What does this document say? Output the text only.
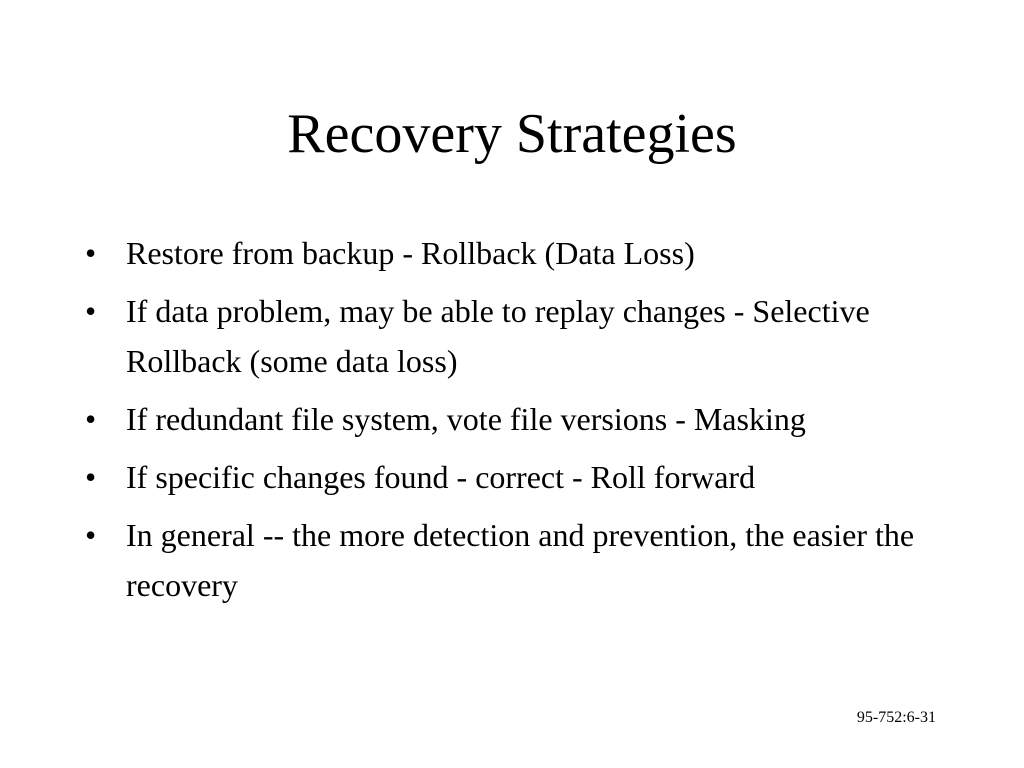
Recovery Strategies
• Restore from backup - Rollback (Data Loss)
• If data problem, may be able to replay changes - Selective Rollback (some data loss)
• If redundant file system, vote file versions - Masking
• If specific changes found - correct - Roll forward
• In general -- the more detection and prevention, the easier the recovery
95-752:6-31
